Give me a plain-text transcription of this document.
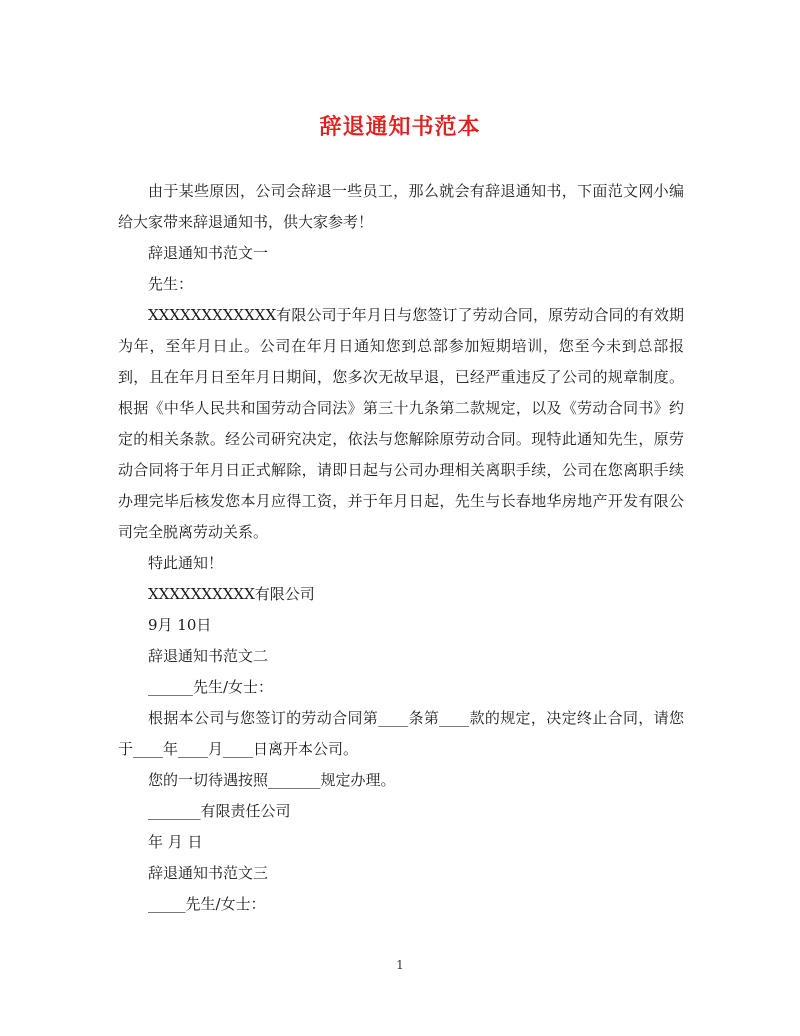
辞退通知书范本

由于某些原因，公司会辞退一些员工，那么就会有辞退通知书，下面范文网小编给大家带来辞退通知书，供大家参考！

辞退通知书范文一

先生：

XXXXXXXXXXXX有限公司于年月日与您签订了劳动合同，原劳动合同的有效期为年，至年月日止。公司在年月日通知您到总部参加短期培训，您至今未到总部报到，且在年月日至年月日期间，您多次无故早退，已经严重违反了公司的规章制度。根据《中华人民共和国劳动合同法》第三十九条第二款规定，以及《劳动合同书》约定的相关条款。经公司研究决定，依法与您解除原劳动合同。现特此通知先生，原劳动合同将于年月日正式解除，请即日起与公司办理相关离职手续，公司在您离职手续办理完毕后核发您本月应得工资，并于年月日起，先生与长春地华房地产开发有限公司完全脱离劳动关系。

特此通知！

XXXXXXXXXX有限公司

9月 10日

辞退通知书范文二

______先生/女士：

根据本公司与您签订的劳动合同第____条第____款的规定，决定终止合同，请您于____年____月____日离开本公司。

您的一切待遇按照_______规定办理。

_______有限责任公司

年 月 日

辞退通知书范文三

_____先生/女士：

1
